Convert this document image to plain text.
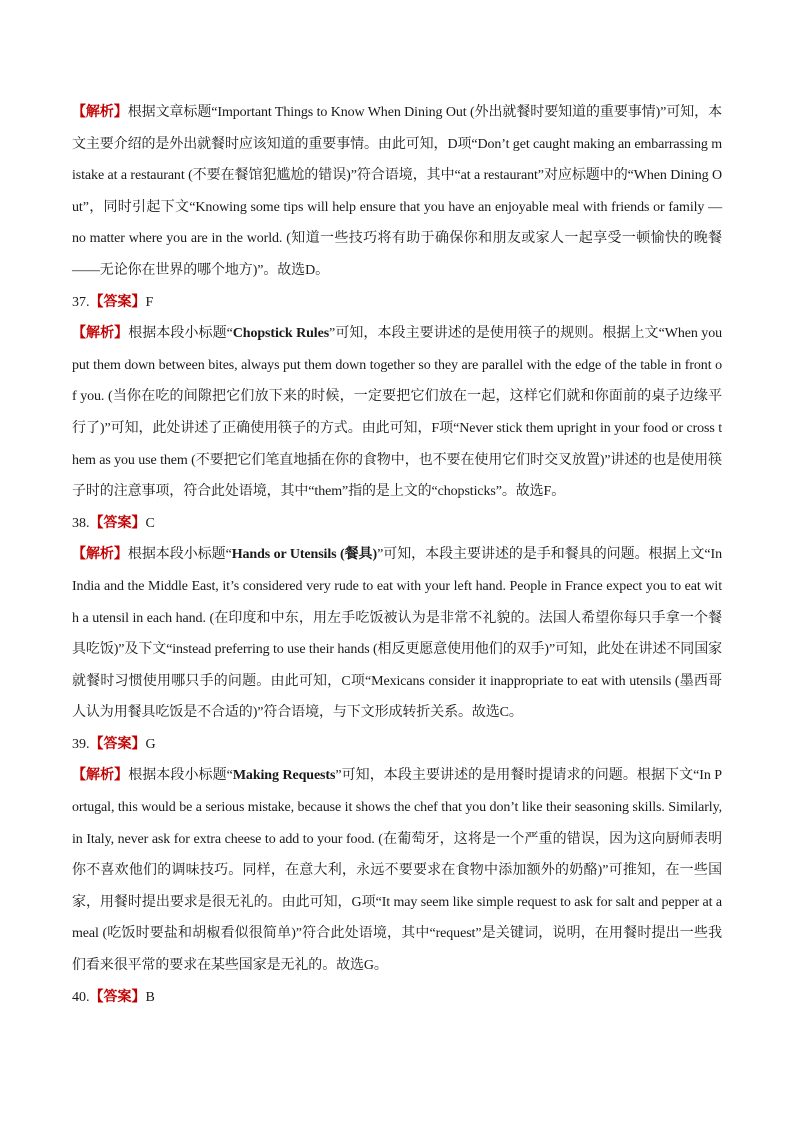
【解析】根据文章标题“Important Things to Know When Dining Out (外出就餐时要知道的重要事情)”可知，本文主要介绍的是外出就餐时应该知道的重要事情。由此可知，D项“Don’t get caught making an embarrassing mistake at a restaurant (不要在餐馆犯尴尬的错误)”符合语境，其中“at a restaurant”对应标题中的“When Dining Out”，同时引起下文“Knowing some tips will help ensure that you have an enjoyable meal with friends or family — no matter where you are in the world. (知道一些技巧将有助于确保你和朋友或家人一起享受一顿愉快的晚餐——无论你在世界的哪个地方)”。故选D。
37.【答案】F
【解析】根据本段小标题“Chopstick Rules”可知，本段主要讲述的是使用筷子的规则。根据上文“When you put them down between bites, always put them down together so they are parallel with the edge of the table in front of you. (当你在吃的间隙把它们放下来的时候，一定要把它们放在一起，这样它们就和你面前的桌子边缘平行了)”可知，此处讲述了正确使用筷子的方式。由此可知，F项“Never stick them upright in your food or cross them as you use them (不要把它们笔直地插在你的食物中，也不要在使用它们时交叉放置)”讲述的也是使用筷子时的注意事项，符合此处语境，其中“them”指的是上文的“chopsticks”。故选F。
38.【答案】C
【解析】根据本段小标题“Hands or Utensils (餐具)”可知，本段主要讲述的是手和餐具的问题。根据上文“In India and the Middle East, it’s considered very rude to eat with your left hand. People in France expect you to eat with a utensil in each hand. (在印度和中东，用左手吃饭被认为是非常不礼貌的。法国人希望你每只手拿一个餐具吃饭)”及下文“instead preferring to use their hands (相反更愿意使用他们的双手)”可知，此处在讲述不同国家就餐时习惯使用哪只手的问题。由此可知，C项“Mexicans consider it inappropriate to eat with utensils (墨西哥人认为用餐具吃饭是不合适的)”符合语境，与下文形成转折关系。故选C。
39.【答案】G
【解析】根据本段小标题“Making Requests”可知，本段主要讲述的是用餐时提请求的问题。根据下文“In Portugal, this would be a serious mistake, because it shows the chef that you don’t like their seasoning skills. Similarly, in Italy, never ask for extra cheese to add to your food. (在葡萄牙，这将是一个严重的错误，因为这向厨师表明你不喜欢他们的调味技巧。同样，在意大利，永远不要要求在食物中添加额外的奶酪)”可推知，在一些国家，用餐时提出要求是很无礼的。由此可知，G项“It may seem like simple request to ask for salt and pepper at a meal (吃饭时要盐和胡椒看似很简单)”符合此处语境，其中“request”是关键词，说明，在用餐时提出一些我们看来很平常的要求在某些国家是无礼的。故选G。
40.【答案】B
